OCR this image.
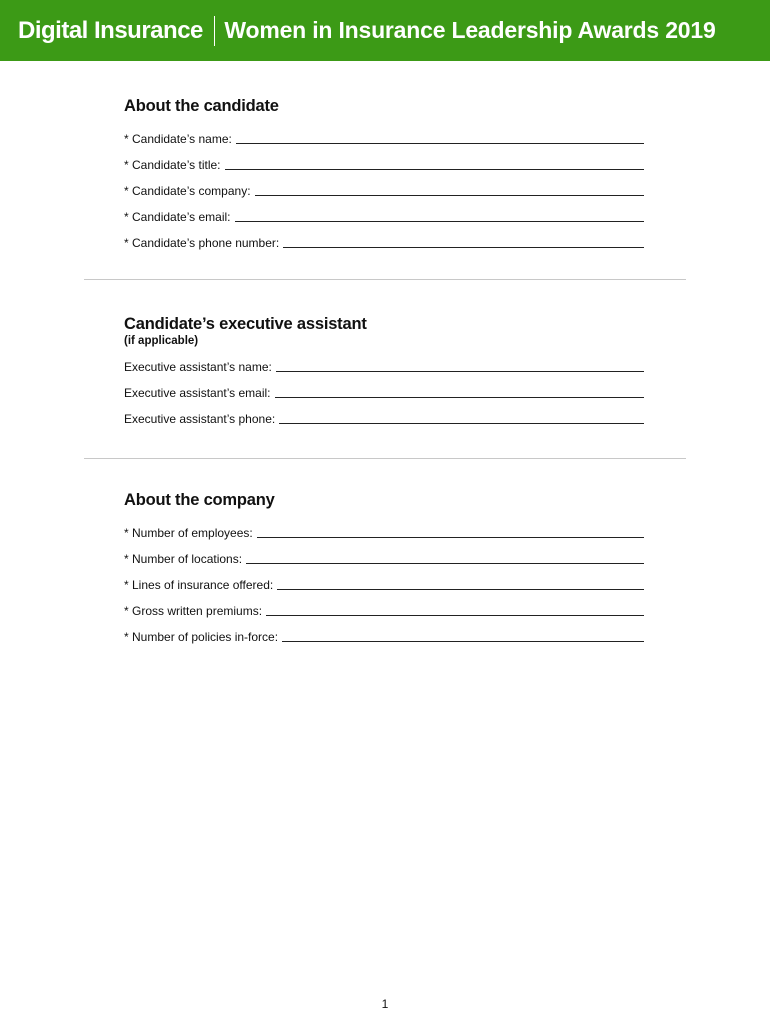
Digital Insurance Women in Insurance Leadership Awards 2019
About the candidate
* Candidate’s name:
* Candidate’s title:
* Candidate’s company:
* Candidate’s email:
* Candidate’s phone number:
Candidate’s executive assistant

(if applicable)

Executive assistant’s name:
Executive assistant’s email:
Executive assistant’s phone:
About the company
* Number of employees:
* Number of locations:
* Lines of insurance offered:
* Gross written premiums:
* Number of policies in-force:
1
